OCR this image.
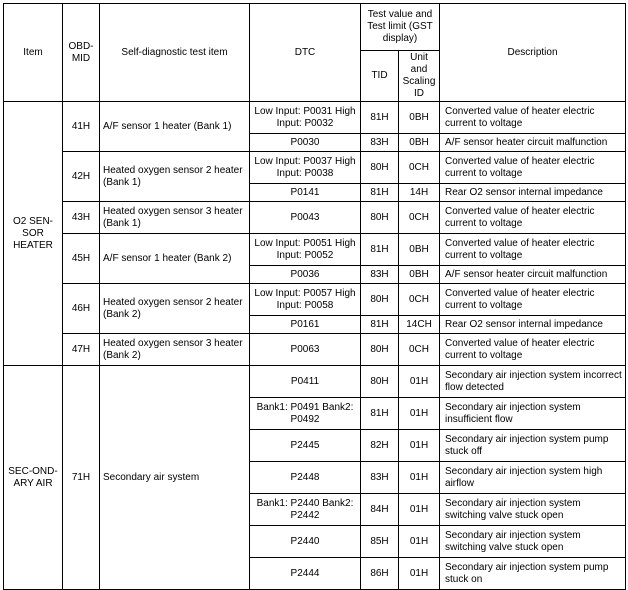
Item	OBD-MID	Self-diagnostic test item	DTC	Test value and Test limit (GST display)		Description
				TID	Unit and Scaling ID	
O2 SEN-SOR HEATER	41H	A/F sensor 1 heater (Bank 1)	Low Input: P0031 High Input: P0032	81H	0BH	Converted value of heater electric current to voltage
			P0030	83H	0BH	A/F sensor heater circuit malfunction
	42H	Heated oxygen sensor 2 heater (Bank 1)	Low Input: P0037 High Input: P0038	80H	0CH	Converted value of heater electric current to voltage
			P0141	81H	14H	Rear O2 sensor internal impedance
	43H	Heated oxygen sensor 3 heater (Bank 1)	P0043	80H	0CH	Converted value of heater electric current to voltage
	45H	A/F sensor 1 heater (Bank 2)	Low Input: P0051 High Input: P0052	81H	0BH	Converted value of heater electric current to voltage
			P0036	83H	0BH	A/F sensor heater circuit malfunction
	46H	Heated oxygen sensor 2 heater (Bank 2)	Low Input: P0057 High Input: P0058	80H	0CH	Converted value of heater electric current to voltage
			P0161	81H	14CH	Rear O2 sensor internal impedance
	47H	Heated oxygen sensor 3 heater (Bank 2)	P0063	80H	0CH	Converted value of heater electric current to voltage
SEC-OND-ARY AIR	71H	Secondary air system	P0411	80H	01H	Secondary air injection system incorrect flow detected
			Bank1: P0491 Bank2: P0492	81H	01H	Secondary air injection system insufficient flow
			P2445	82H	01H	Secondary air injection system pump stuck off
			P2448	83H	01H	Secondary air injection system high airflow
			Bank1: P2440 Bank2: P2442	84H	01H	Secondary air injection system switching valve stuck open
			P2440	85H	01H	Secondary air injection system switching valve stuck open
			P2444	86H	01H	Secondary air injection system pump stuck on
